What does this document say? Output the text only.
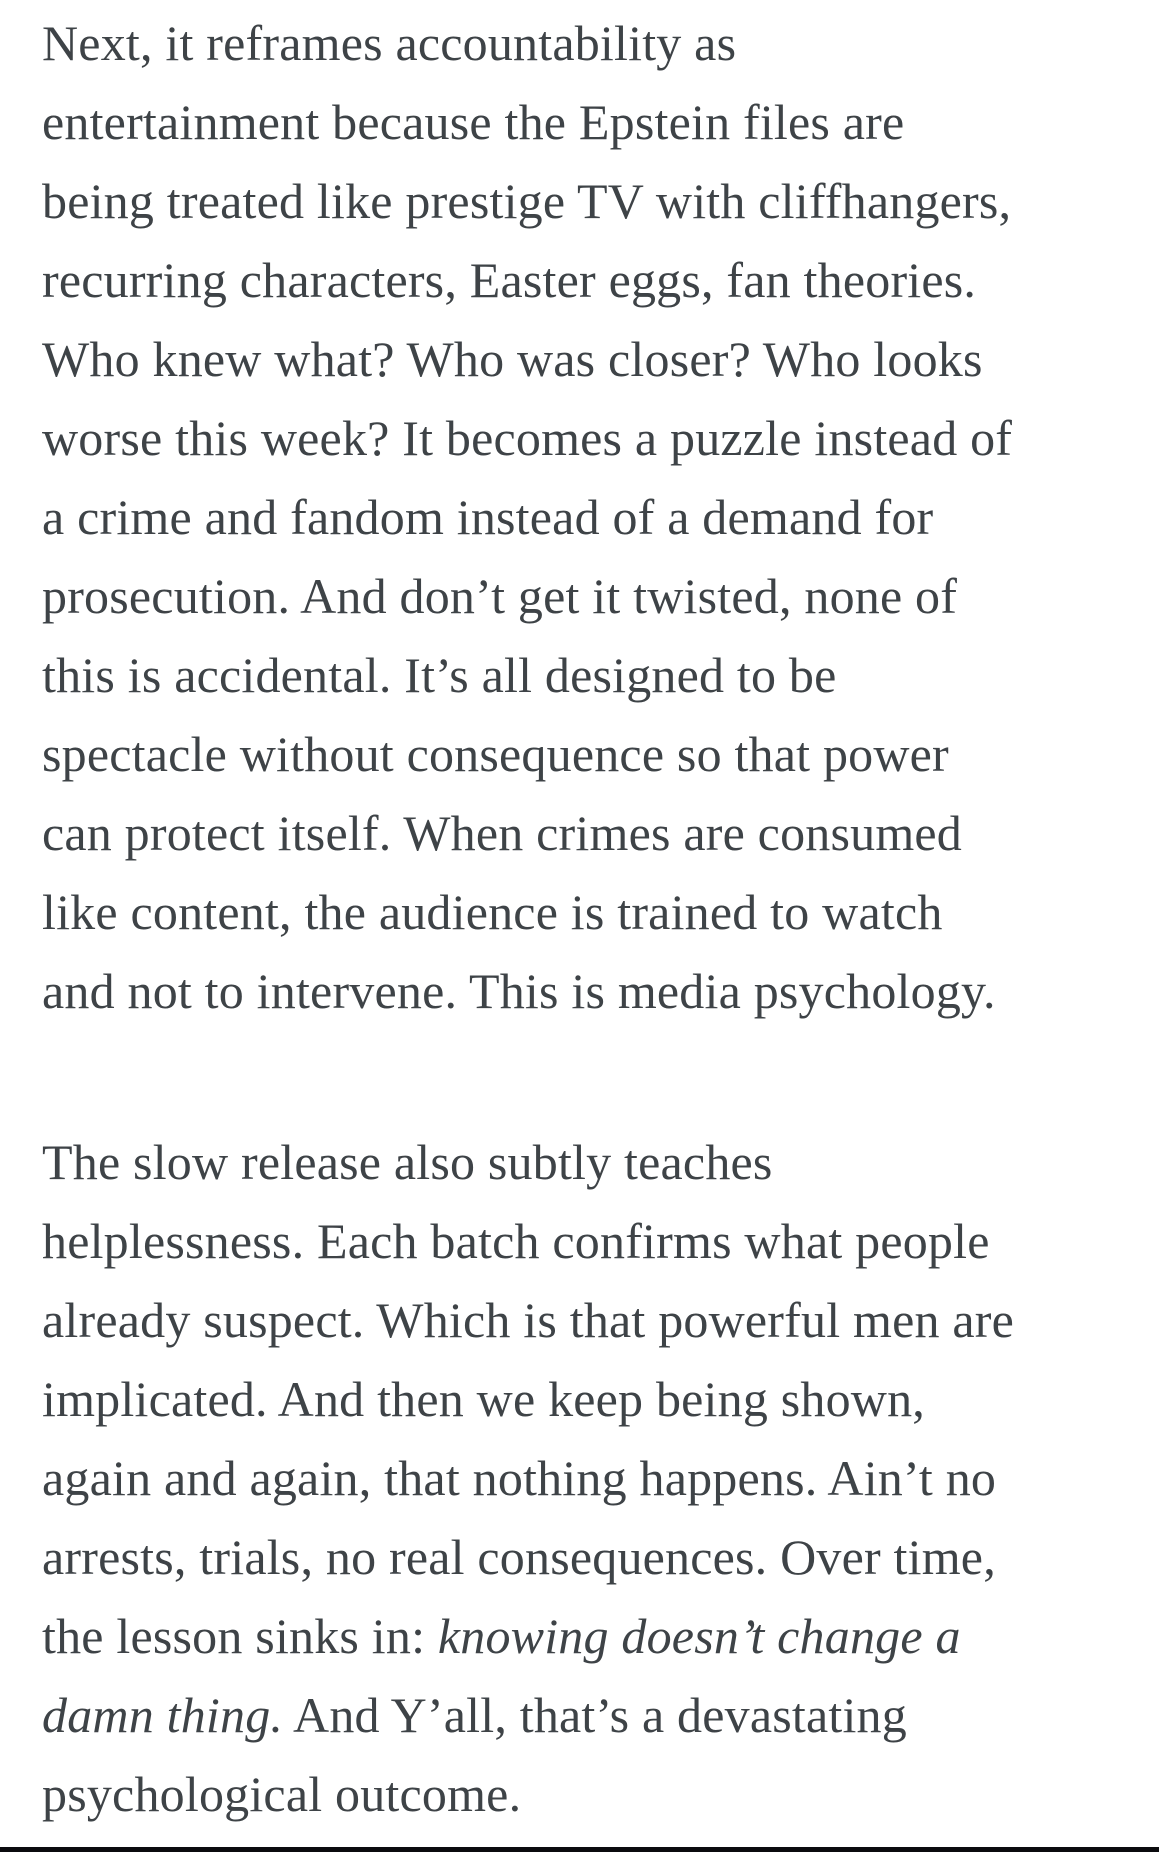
Next, it reframes accountability as
entertainment because the Epstein files are
being treated like prestige TV with cliffhangers,
recurring characters, Easter eggs, fan theories.
Who knew what? Who was closer? Who looks
worse this week? It becomes a puzzle instead of
a crime and fandom instead of a demand for
prosecution. And don’t get it twisted, none of
this is accidental. It’s all designed to be
spectacle without consequence so that power
can protect itself. When crimes are consumed
like content, the audience is trained to watch
and not to intervene. This is media psychology.

The slow release also subtly teaches
helplessness. Each batch confirms what people
already suspect. Which is that powerful men are
implicated. And then we keep being shown,
again and again, that nothing happens. Ain’t no
arrests, trials, no real consequences. Over time,
the lesson sinks in: knowing doesn’t change a
damn thing. And Y’all, that’s a devastating
psychological outcome.
